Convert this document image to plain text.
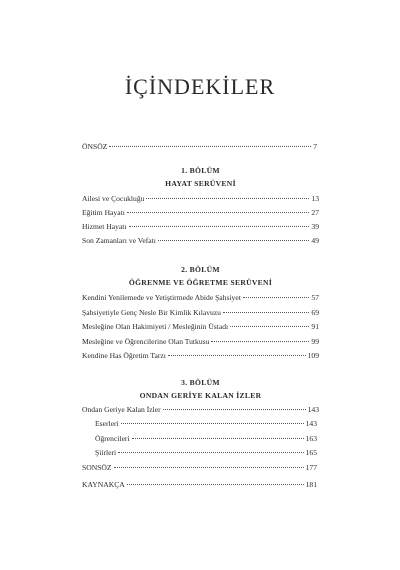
İÇİNDEKİLER
ÖNSÖZ	7
1. BÖLÜM
HAYAT SERÜVENİ
Ailesi ve Çocukluğu	13
Eğitim Hayatı	27
Hizmet Hayatı	39
Son Zamanları ve Vefatı	49
2. BÖLÜM
ÖĞRENME VE ÖĞRETME SERÜVENİ
Kendini Yenilemede ve Yetiştirmede Abide Şahsiyet	57
Şahsiyetiyle Genç Nesle Bir Kimlik Kılavuzu	69
Mesleğine Olan Hakimiyeti / Mesleğinin Üstadı	91
Mesleğine ve Öğrencilerine Olan Tutkusu	99
Kendine Has Öğretim Tarzı	109
3. BÖLÜM
ONDAN GERİYE KALAN İZLER
Ondan Geriye Kalan İzler	143
Eserleri	143
Öğrencileri	163
Şiirleri	165
SONSÖZ	177
KAYNAKÇA	181
